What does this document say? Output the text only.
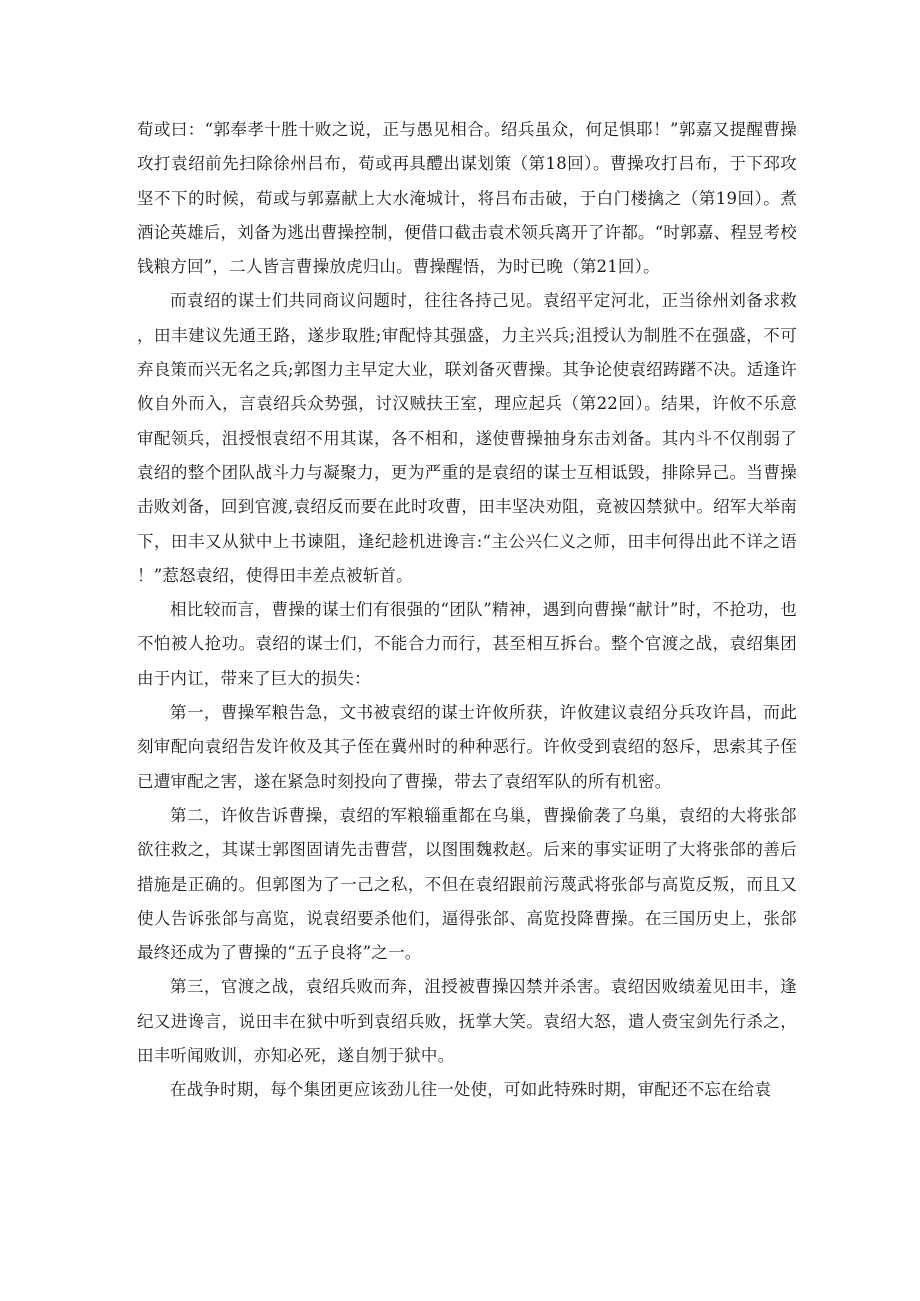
荀或曰：“郭奉孝十胜十败之说，正与愚见相合。绍兵虽众，何足惧耶！”郭嘉又提醒曹操攻打袁绍前先扫除徐州吕布，荀或再具醴出谋划策（第18回）。曹操攻打吕布，于下邳攻坚不下的时候，荀或与郭嘉献上大水淹城计，将吕布击破，于白门楼擒之（第19回）。煮酒论英雄后，刘备为逃出曹操控制，便借口截击袁术领兵离开了许都。“时郭嘉、程昱考校钱粮方回”，二人皆言曹操放虎归山。曹操醒悟，为时已晚（第21回）。

而袁绍的谋士们共同商议问题时，往往各持己见。袁绍平定河北，正当徐州刘备求救，田丰建议先通王路，遂步取胜;审配恃其强盛，力主兴兵;沮授认为制胜不在强盛，不可弃良策而兴无名之兵;郭图力主早定大业，联刘备灭曹操。其争论使袁绍踌躇不决。适逢许攸自外而入，言袁绍兵众势强，讨汉贼扶王室，理应起兵（第22回）。结果，许攸不乐意审配领兵，沮授恨袁绍不用其谋，各不相和，遂使曹操抽身东击刘备。其内斗不仅削弱了袁绍的整个团队战斗力与凝聚力，更为严重的是袁绍的谋士互相诋毁，排除异己。当曹操击败刘备，回到官渡,袁绍反而要在此时攻曹，田丰坚决劝阻，竟被囚禁狱中。绍军大举南下，田丰又从狱中上书谏阻，逢纪趁机进谗言:“主公兴仁义之师，田丰何得出此不详之语！”惹怒袁绍，使得田丰差点被斩首。

相比较而言，曹操的谋士们有很强的“团队”精神，遇到向曹操“献计”时，不抢功，也不怕被人抢功。袁绍的谋士们，不能合力而行，甚至相互拆台。整个官渡之战，袁绍集团由于内讧，带来了巨大的损失：

第一，曹操军粮告急，文书被袁绍的谋士许攸所获，许攸建议袁绍分兵攻许昌，而此刻审配向袁绍告发许攸及其子侄在冀州时的种种恶行。许攸受到袁绍的怒斥，思索其子侄已遭审配之害，遂在紧急时刻投向了曹操，带去了袁绍军队的所有机密。

第二，许攸告诉曹操，袁绍的军粮辎重都在乌巢，曹操偷袭了乌巢，袁绍的大将张郃欲往救之，其谋士郭图固请先击曹营，以图围魏救赵。后来的事实证明了大将张郃的善后措施是正确的。但郭图为了一己之私，不但在袁绍跟前污蔑武将张郃与高览反叛，而且又使人告诉张郃与高览，说袁绍要杀他们，逼得张郃、高览投降曹操。在三国历史上，张郃最终还成为了曹操的“五子良将”之一。

第三，官渡之战，袁绍兵败而奔，沮授被曹操囚禁并杀害。袁绍因败绩羞见田丰，逢纪又进谗言，说田丰在狱中听到袁绍兵败，抚掌大笑。袁绍大怒，遣人赍宝剑先行杀之，田丰听闻败训，亦知必死，遂自刎于狱中。

在战争时期，每个集团更应该劲儿往一处使，可如此特殊时期，审配还不忘在给袁
